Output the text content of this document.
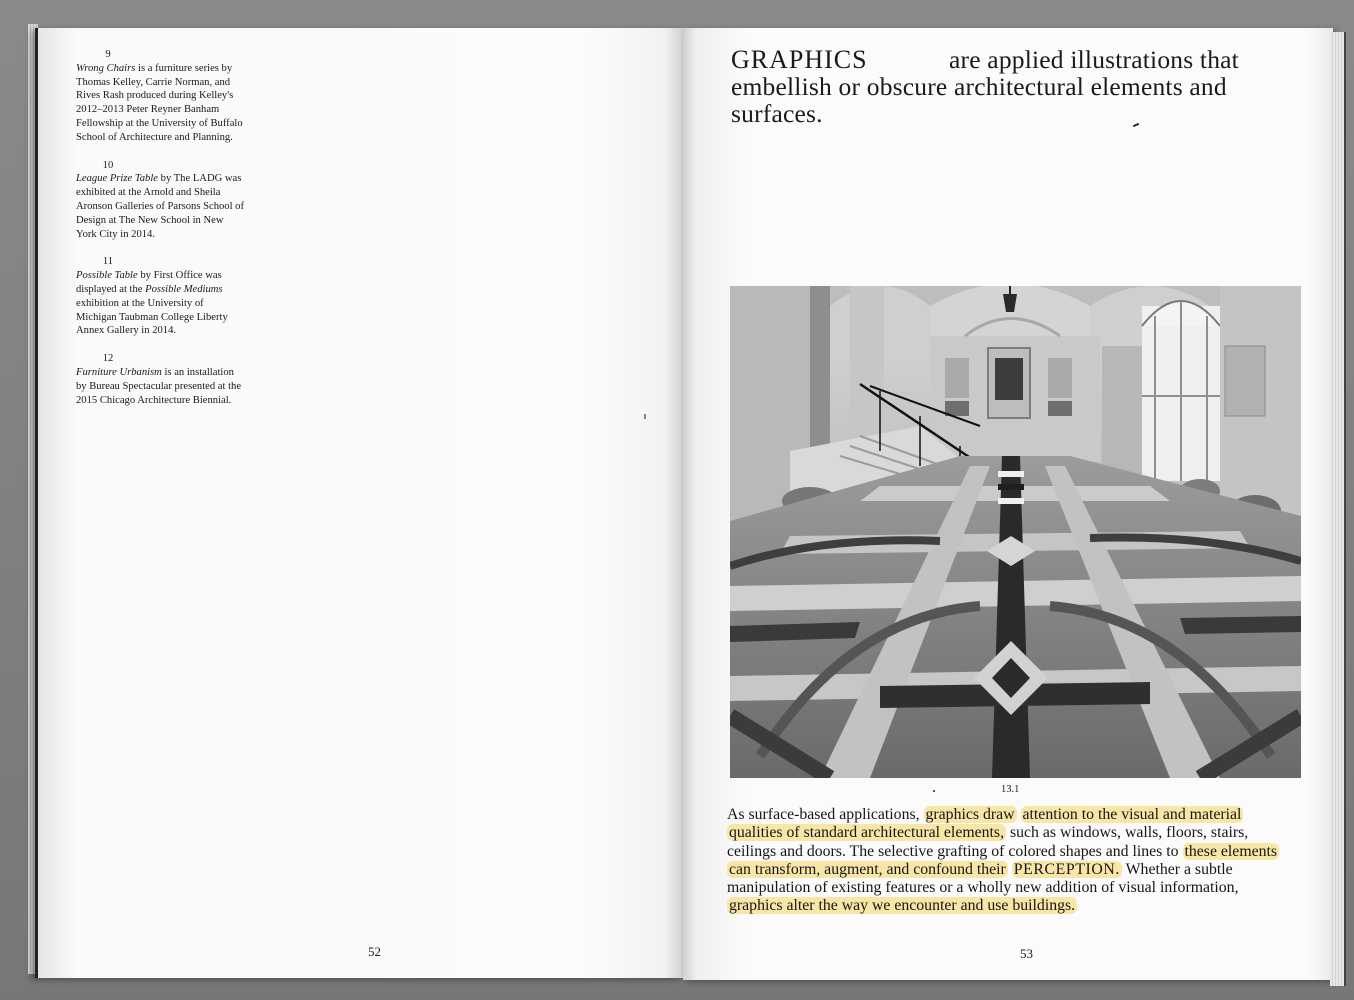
9
Wrong Chairs is a furniture series by Thomas Kelley, Carrie Norman, and Rives Rash produced during Kelley's 2012–2013 Peter Reyner Banham Fellowship at the University of Buffalo School of Architecture and Planning.
10
League Prize Table by The LADG was exhibited at the Arnold and Sheila Aronson Galleries of Parsons School of Design at The New School in New York City in 2014.
11
Possible Table by First Office was displayed at the Possible Mediums exhibition at the University of Michigan Taubman College Liberty Annex Gallery in 2014.
12
Furniture Urbanism is an installation by Bureau Spectacular presented at the 2015 Chicago Architecture Biennial.
52
GRAPHICS	are applied illustrations that embellish or obscure architectural elements and surfaces.
13.1
As surface-based applications, graphics draw attention to the visual and material qualities of standard architectural elements, such as windows, walls, floors, stairs, ceilings and doors. The selective grafting of colored shapes and lines to these elements can transform, augment, and confound their PERCEPTION. Whether a subtle manipulation of existing features or a wholly new addition of visual information, graphics alter the way we encounter and use buildings.
53
